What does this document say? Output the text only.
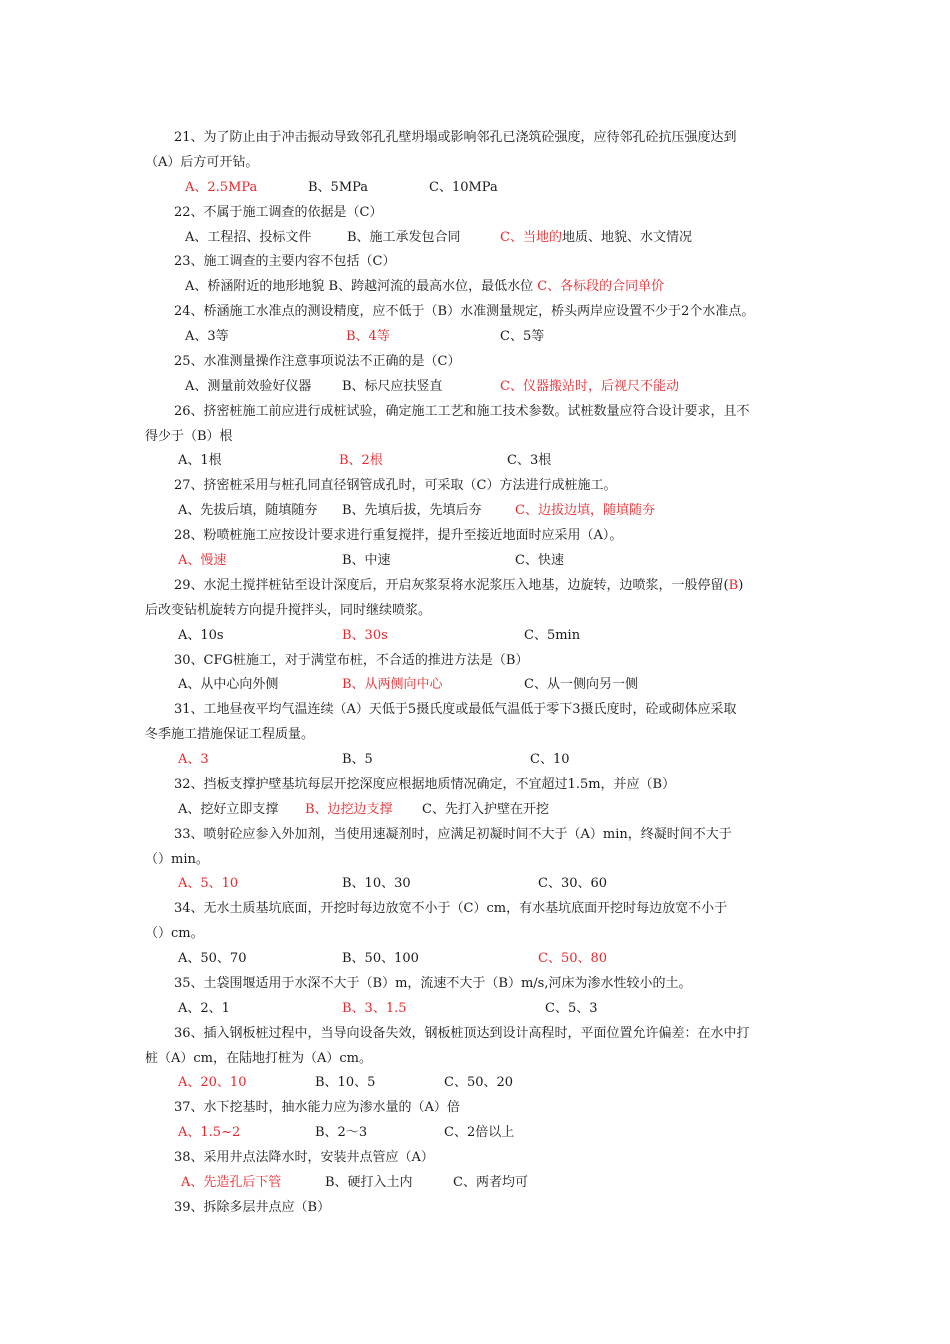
21、为了防止由于冲击振动导致邻孔孔壁坍塌或影响邻孔已浇筑砼强度，应待邻孔砼抗压强度达到
（A）后方可开钻。
A、2.5MPa	B、5MPa	C、10MPa
22、不属于施工调查的依据是（C）
A、工程招、投标文件	B、施工承发包合同	C、当地的地质、地貌、水文情况
23、施工调查的主要内容不包括（C）
A、桥涵附近的地形地貌 B、跨越河流的最高水位，最低水位 C、各标段的合同单价
24、桥涵施工水准点的测设精度，应不低于（B）水准测量规定，桥头两岸应设置不少于2个水准点。
A、3等	B、4等	C、5等
25、水准测量操作注意事项说法不正确的是（C）
A、测量前效验好仪器 B、标尺应扶竖直	C、仪器搬站时，后视尺不能动
26、挤密桩施工前应进行成桩试验，确定施工工艺和施工技术参数。试桩数量应符合设计要求，且不
得少于（B）根
A、1根	B、2根	C、3根
27、挤密桩采用与桩孔同直径钢管成孔时，可采取（C）方法进行成桩施工。
A、先拔后填，随填随夯 B、先填后拔，先填后夯	C、边拔边填，随填随夯
28、粉喷桩施工应按设计要求进行重复搅拌，提升至接近地面时应采用（A）。
A、慢速	B、中速	C、快速
29、水泥土搅拌桩钻至设计深度后，开启灰浆泵将水泥浆压入地基，边旋转，边喷浆，一般停留(B)
后改变钻机旋转方向提升搅拌头，同时继续喷浆。
A、10s	B、30s	C、5min
30、CFG桩施工，对于满堂布桩，不合适的推进方法是（B）
A、从中心向外侧	B、从两侧向中心	C、从一侧向另一侧
31、工地昼夜平均气温连续（A）天低于5摄氏度或最低气温低于零下3摄氏度时，砼或砌体应采取
冬季施工措施保证工程质量。
A、3	B、5	C、10
32、挡板支撑护壁基坑每层开挖深度应根据地质情况确定，不宜超过1.5m，并应（B）
A、挖好立即支撑 B、边挖边支撑 C、先打入护壁在开挖
33、喷射砼应参入外加剂，当使用速凝剂时，应满足初凝时间不大于（A）min，终凝时间不大于
（）min。
A、5、10	B、10、30	C、30、60
34、无水土质基坑底面，开挖时每边放宽不小于（C）cm，有水基坑底面开挖时每边放宽不小于
（）cm。
A、50、70	B、50、100	C、50、80
35、土袋围堰适用于水深不大于（B）m，流速不大于（B）m/s,河床为渗水性较小的土。
A、2、1	B、3、1.5	C、5、3
36、插入钢板桩过程中，当导向设备失效，钢板桩顶达到设计高程时，平面位置允许偏差：在水中打
桩（A）cm，在陆地打桩为（A）cm。
A、20、10	B、10、5	C、50、20
37、水下挖基时，抽水能力应为渗水量的（A）倍
A、1.5~2	B、2～3	C、2倍以上
38、采用井点法降水时，安装井点管应（A）
A、先造孔后下管	B、硬打入土内	C、两者均可
39、拆除多层井点应（B）
